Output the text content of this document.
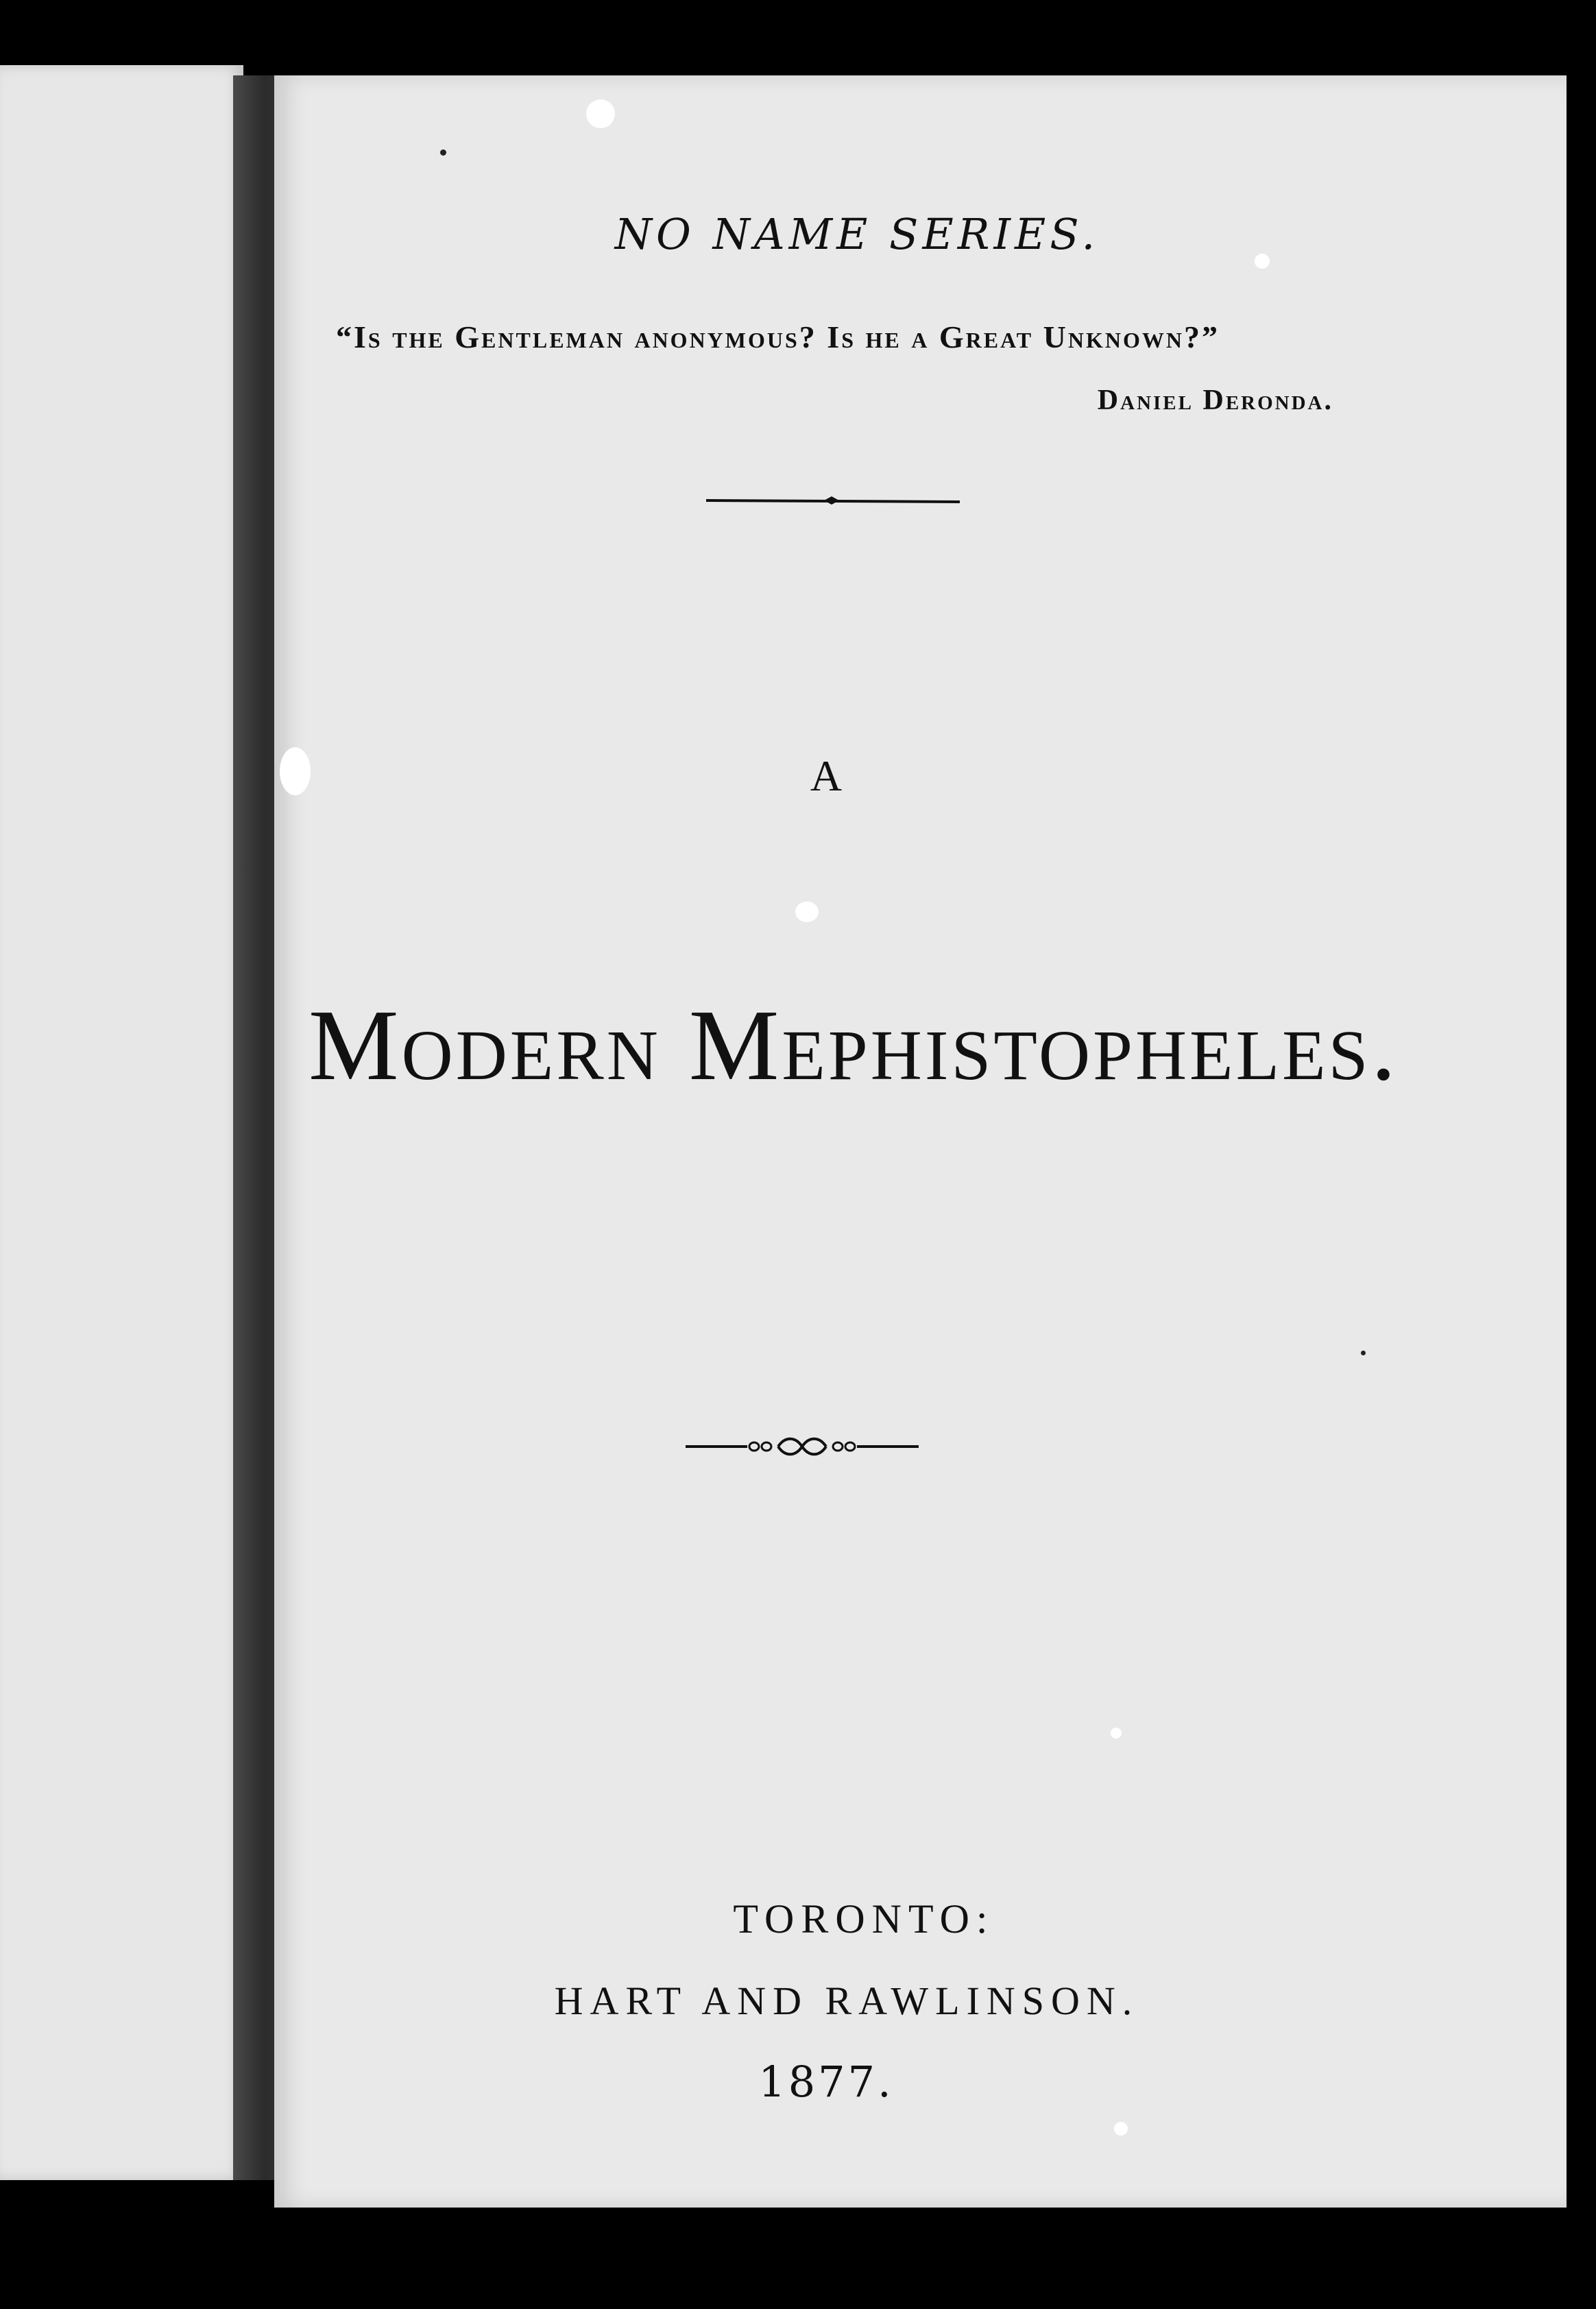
NO NAME SERIES.
“Is the Gentleman anonymous? Is he a Great Unknown?”
Daniel Deronda.
A
Modern Mephistopheles.
TORONTO:
HART AND RAWLINSON.
1877.
